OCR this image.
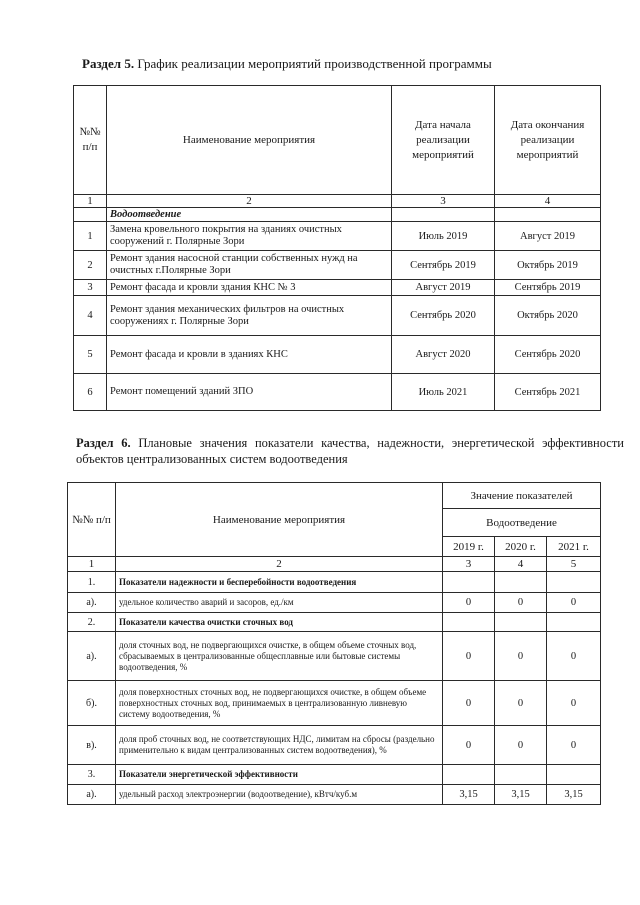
Раздел 5. График реализации мероприятий производственной программы
№№ п/п	Наименование мероприятия	Дата начала реализации мероприятий	Дата окончания реализации мероприятий
1	2	3	4
	Водоотведение		
1	Замена кровельного покрытия на зданиях очистных сооружений г. Полярные Зори	Июль 2019	Август 2019
2	Ремонт здания насосной станции собственных нужд на очистных г.Полярные Зори	Сентябрь 2019	Октябрь 2019
3	Ремонт фасада и кровли здания КНС № 3	Август 2019	Сентябрь 2019
4	Ремонт здания механических фильтров на очистных сооружениях г. Полярные Зори	Сентябрь 2020	Октябрь 2020
5	Ремонт фасада и кровли в зданиях КНС	Август 2020	Сентябрь 2020
6	Ремонт помещений зданий ЗПО	Июль 2021	Сентябрь 2021
Раздел 6. Плановые значения показатели качества, надежности, энергетической эффективности объектов централизованных систем водоотведения
№№ п/п	Наименование мероприятия	Значение показателей		
		Водоотведение		
		2019 г.	2020 г.	2021 г.
1	2	3	4	5
1.	Показатели надежности и бесперебойности водоотведения			
а).	удельное количество аварий и засоров, ед./км	0	0	0
2.	Показатели качества очистки сточных вод			
а).	доля сточных вод, не подвергающихся очистке, в общем объеме сточных вод, сбрасываемых в централизованные общесплавные или бытовые системы водоотведения, %	0	0	0
б).	доля поверхностных сточных вод, не подвергающихся очистке, в общем объеме поверхностных сточных вод, принимаемых в централизованную ливневую систему водоотведения, %	0	0	0
в).	доля проб сточных вод, не соответствующих НДС, лимитам на сбросы (раздельно применительно к видам централизованных систем водоотведения), %	0	0	0
3.	Показатели энергетической эффективности			
а).	удельный расход электроэнергии (водоотведение), кВтч/куб.м	3,15	3,15	3,15
